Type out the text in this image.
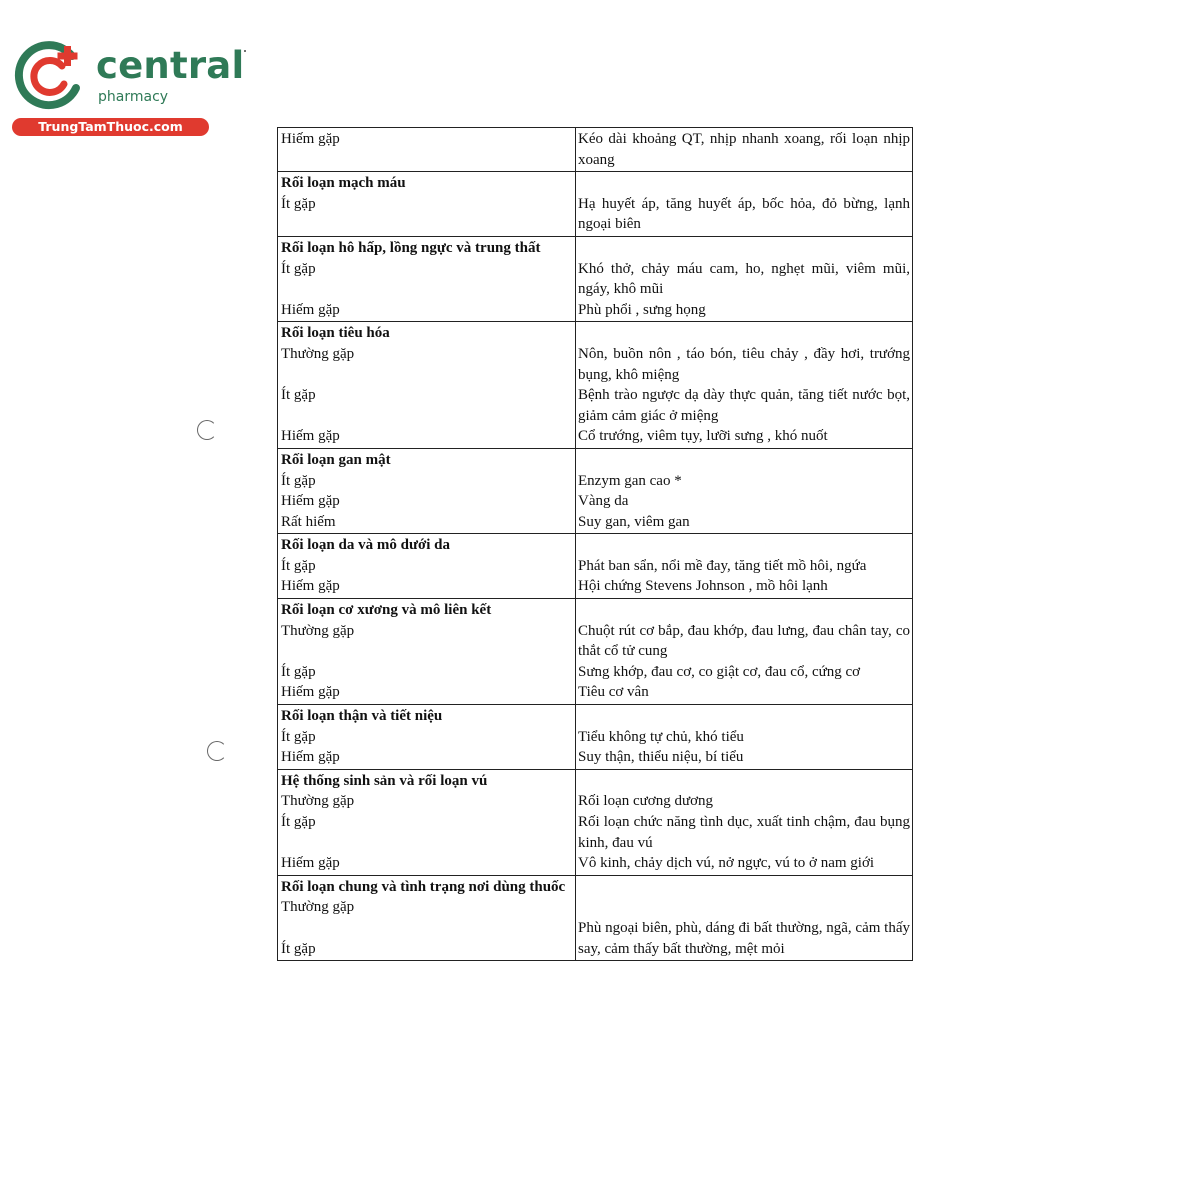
central
pharmacy
TrungTamThuoc.com
Hiếm gặp	Kéo dài khoảng QT, nhịp nhanh xoang, rối loạn nhịp xoang
Rối loạn mạch máu
Ít gặp	Hạ huyết áp, tăng huyết áp, bốc hỏa, đỏ bừng, lạnh ngoại biên
Rối loạn hô hấp, lồng ngực và trung thất
Ít gặp
Hiếm gặp
Khó thở, chảy máu cam, ho, nghẹt mũi, viêm mũi, ngáy, khô mũi
Phù phổi , sưng họng
Rối loạn tiêu hóa
Thường gặp
Ít gặp
Hiếm gặp
Nôn, buồn nôn , táo bón, tiêu chảy , đầy hơi, trướng bụng, khô miệng
Bệnh trào ngược dạ dày thực quản, tăng tiết nước bọt, giảm cảm giác ở miệng
Cổ trướng, viêm tụy, lưỡi sưng , khó nuốt
Rối loạn gan mật
Ít gặp
Hiếm gặp
Rất hiếm
Enzym gan cao *
Vàng da
Suy gan, viêm gan
Rối loạn da và mô dưới da
Ít gặp
Hiếm gặp
Phát ban sẩn, nổi mề đay, tăng tiết mồ hôi, ngứa
Hội chứng Stevens Johnson , mồ hôi lạnh
Rối loạn cơ xương và mô liên kết
Thường gặp
Ít gặp
Hiếm gặp
Chuột rút cơ bắp, đau khớp, đau lưng, đau chân tay, co thắt cổ tử cung
Sưng khớp, đau cơ, co giật cơ, đau cổ, cứng cơ
Tiêu cơ vân
Rối loạn thận và tiết niệu
Ít gặp
Hiếm gặp
Tiểu không tự chủ, khó tiểu
Suy thận, thiểu niệu, bí tiểu
Hệ thống sinh sản và rối loạn vú
Thường gặp
Ít gặp
Hiếm gặp
Rối loạn cương dương
Rối loạn chức năng tình dục, xuất tinh chậm, đau bụng kinh, đau vú
Vô kinh, chảy dịch vú, nở ngực, vú to ở nam giới
Rối loạn chung và tình trạng nơi dùng thuốc
Thường gặp
Ít gặp
Phù ngoại biên, phù, dáng đi bất thường, ngã, cảm thấy say, cảm thấy bất thường, mệt mỏi
